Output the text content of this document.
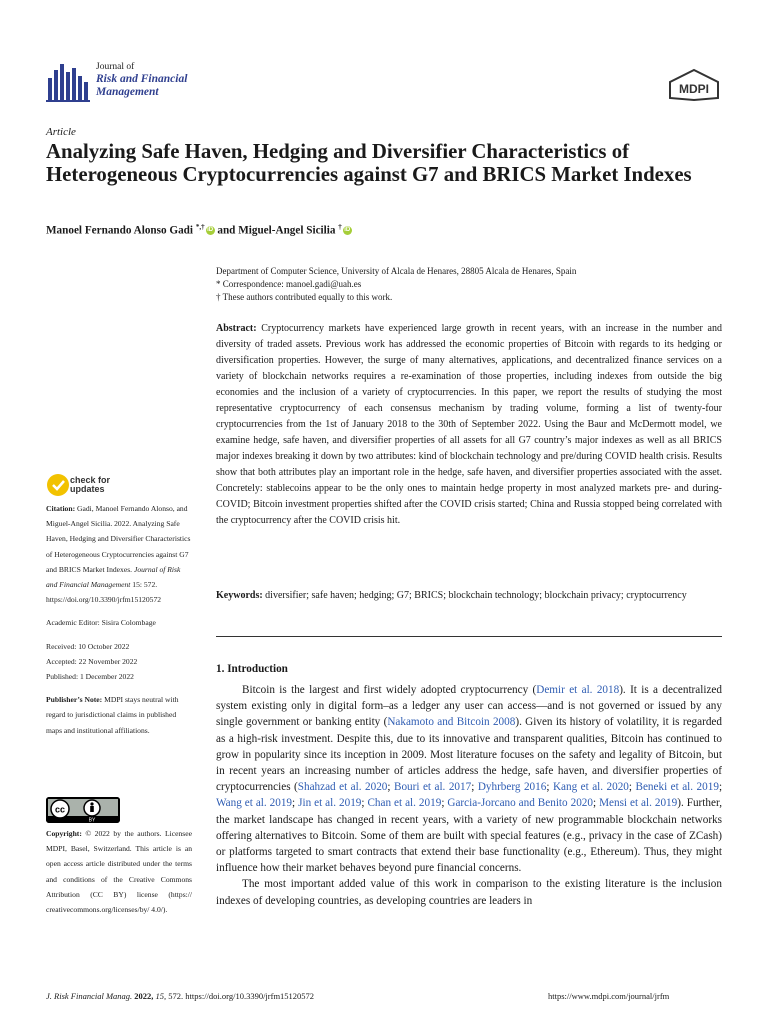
Journal of
Risk and Financial
Management	MDPI
Article
Analyzing Safe Haven, Hedging and Diversifier Characteristics of Heterogeneous Cryptocurrencies against G7 and BRICS Market Indexes
Manoel Fernando Alonso Gadi *,† iD and Miguel-Angel Sicilia † iD
Department of Computer Science, University of Alcala de Henares, 28805 Alcala de Henares, Spain
* Correspondence: manoel.gadi@uah.es
† These authors contributed equally to this work.
Abstract: Cryptocurrency markets have experienced large growth in recent years, with an increase in the number and diversity of traded assets. Previous work has addressed the economic properties of Bitcoin with regards to its hedging or diversification properties. However, the surge of many alternatives, applications, and decentralized finance services on a variety of blockchain networks requires a re-examination of those properties, including indexes from outside the big economies and the inclusion of a variety of cryptocurrencies. In this paper, we report the results of studying the most representative cryptocurrency of each consensus mechanism by trading volume, forming a list of twenty-four cryptocurrencies from the 1st of January 2018 to the 30th of September 2022. Using the Baur and McDermott model, we examine hedge, safe haven, and diversifier properties of all assets for all G7 country’s major indexes as well as all BRICS major indexes breaking it down by two attributes: kind of blockchain technology and pre/during COVID health crisis. Results show that both attributes play an important role in the hedge, safe haven, and diversifier properties associated with the asset. Concretely: stablecoins appear to be the only ones to maintain hedge property in most analyzed markets pre- and during-COVID; Bitcoin investment properties shifted after the COVID crisis started; China and Russia stopped being correlated with the cryptocurrency after the COVID crisis hit.
Keywords: diversifier; safe haven; hedging; G7; BRICS; blockchain technology; blockchain privacy; cryptocurrency
1. Introduction
Bitcoin is the largest and first widely adopted cryptocurrency (Demir et al. 2018). It is a decentralized system existing only in digital form–as a ledger any user can access—and is not governed or issued by any single government or banking entity (Nakamoto and Bitcoin 2008). Given its history of volatility, it is regarded as a high-risk investment. Despite this, due to its innovative and transparent qualities, Bitcoin has continued to grow in popularity since its inception in 2009. Most literature focuses on the safety and legality of Bitcoin, but in recent years an increasing number of articles address the hedge, safe haven, and diversifier properties of cryptocurrencies (Shahzad et al. 2020; Bouri et al. 2017; Dyhrberg 2016; Kang et al. 2020; Beneki et al. 2019; Wang et al. 2019; Jin et al. 2019; Chan et al. 2019; Garcia-Jorcano and Benito 2020; Mensi et al. 2019). Further, the market landscape has changed in recent years, with a variety of new programmable blockchain networks offering alternatives to Bitcoin. Some of them are built with special features (e.g., privacy in the case of ZCash) or platforms targeted to smart contracts that extend their base functionality (e.g., Ethereum). Thus, they might influence how their market behaves beyond pure financial concerns.
The most important added value of this work in comparison to the existing literature is the inclusion indexes of developing countries, as developing countries are leaders in
check for
updates

Citation: Gadi, Manoel Fernando Alonso, and Miguel-Angel Sicilia. 2022. Analyzing Safe Haven, Hedging and Diversifier Characteristics of Heterogeneous Cryptocurrencies against G7 and BRICS Market Indexes. Journal of Risk and Financial Management 15: 572. https://doi.org/10.3390/jrfm15120572

Academic Editor: Sisira Colombage

Received: 10 October 2022
Accepted: 22 November 2022

Published: 1 December 2022

Publisher’s Note: MDPI stays neutral with regard to jurisdictional claims in published maps and institutional affiliations.

cc
BY
Copyright: © 2022 by the authors. Licensee MDPI, Basel, Switzerland. This article is an open access article distributed under the terms and conditions of the Creative Commons Attribution (CC BY) license (https:// creativecommons.org/licenses/by/ 4.0/).
J. Risk Financial Manag. 2022, 15, 572. https://doi.org/10.3390/jrfm15120572	https://www.mdpi.com/journal/jrfm
